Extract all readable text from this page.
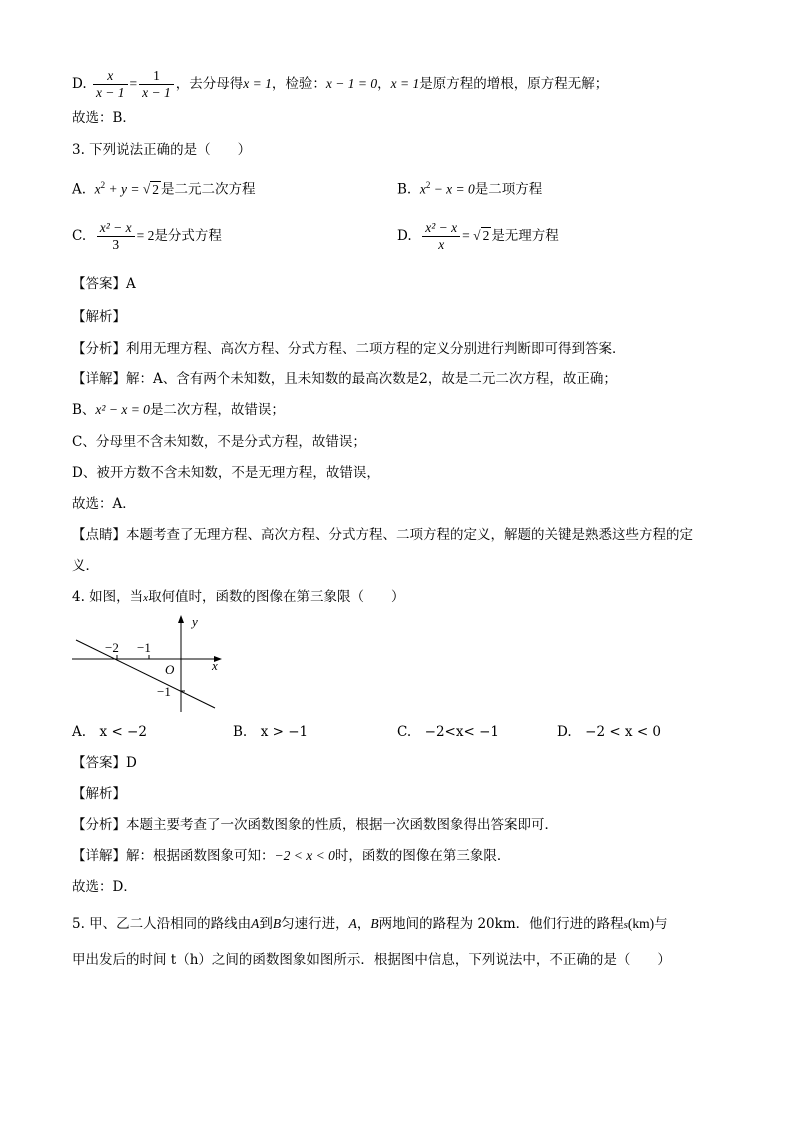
D. $\frac{x}{x - 1} = \frac{1}{x - 1}$ ，去分母得x = 1，检验：x − 1 = 0，x = 1是原方程的增根，原方程无解；
故选：B．
3. 下列说法正确的是（　　）
A. $x^2 + y$ = √ 2 是二元二次方程	B. $x^2 - x = 0$是二项方程
C. $\frac{\text{x² − x}}{3} = 2$是分式方程	D. $\frac{\text{x² − x}}{x}$ = √ 2 是无理方程
【答案】A
【解析】
【分析】利用无理方程、高次方程、分式方程、二项方程的定义分别进行判断即可得到答案．
【详解】解：A、含有两个未知数，且未知数的最高次数是2，故是二元二次方程，故正确；
B、x² − x = 0是二次方程，故错误；
C、分母里不含未知数，不是分式方程，故错误；
D、被开方数不含未知数，不是无理方程，故错误，
故选：A．
【点睛】本题考查了无理方程、高次方程、分式方程、二项方程的定义，解题的关键是熟悉这些方程的定
义．
4. 如图，当x取何值时，函数的图像在第三象限（　　）
y
x
O
−2 −1
−1
A.　x < −2	B.　x > −1	C.　−2<x< −1	D.　−2 < x < 0
【答案】D
【解析】
【分析】本题主要考查了一次函数图象的性质，根据一次函数图象得出答案即可．
【详解】解：根据函数图象可知：−2 < x < 0时，函数的图像在第三象限．
故选：D．
5. 甲、乙二人沿相同的路线由A到B匀速行进，A，B两地间的路程为 20km．他们行进的路程s(km)与
甲出发后的时间 t（h）之间的函数图象如图所示．根据图中信息，下列说法中，不正确的是（　　）
